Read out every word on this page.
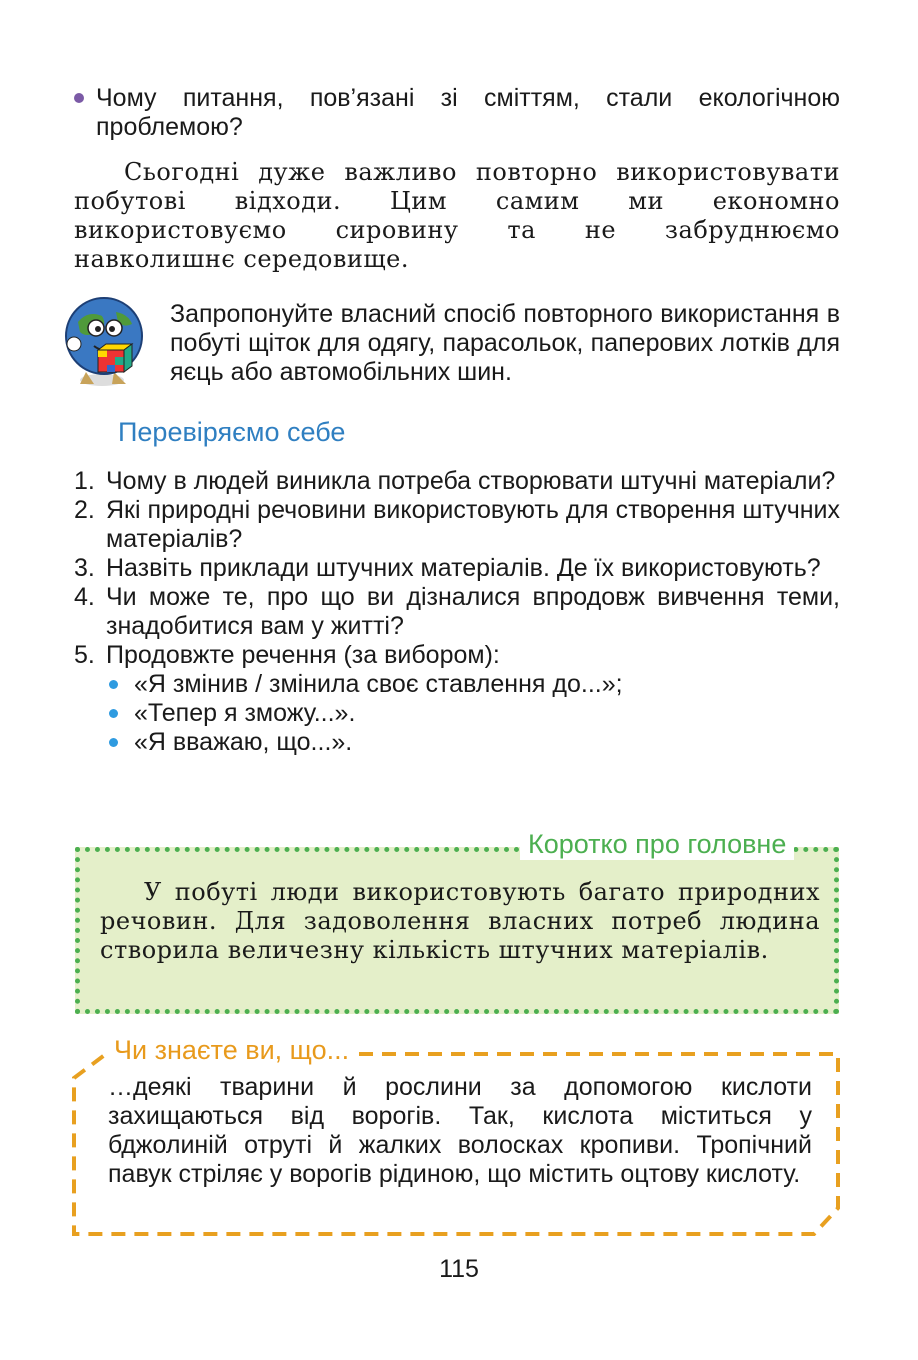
Чому питання, пов’язані зі сміттям, стали екологічною проблемою?
Сьогодні дуже важливо повторно використовувати побутові відходи. Цим самим ми економно використовуємо сировину та не забруднюємо навколишнє середовище.
Запропонуйте власний спосіб повторного використання в побуті щіток для одягу, парасольок, паперових лотків для яєць або автомобільних шин.
Перевіряємо себе
1. Чому в людей виникла потреба створювати штучні матеріали?
2. Які природні речовини використовують для створення штучних матеріалів?
3. Назвіть приклади штучних матеріалів. Де їх використовують?
4. Чи може те, про що ви дізналися впродовж вивчення теми, знадобитися вам у житті?
5. Продовжте речення (за вибором):
«Я змінив / змінила своє ставлення до...»;
«Тепер я зможу...».
«Я вважаю, що...».
Коротко про головне
У побуті люди використовують багато природних речовин. Для задоволення власних потреб людина створила величезну кількість штучних матеріалів.
Чи знаєте ви, що...
…деякі тварини й рослини за допомогою кислоти захищаються від ворогів. Так, кислота міститься у бджолиній отруті й жалких волосках кропиви. Тропічний павук стріляє у ворогів рідиною, що містить оцтову кислоту.
115
